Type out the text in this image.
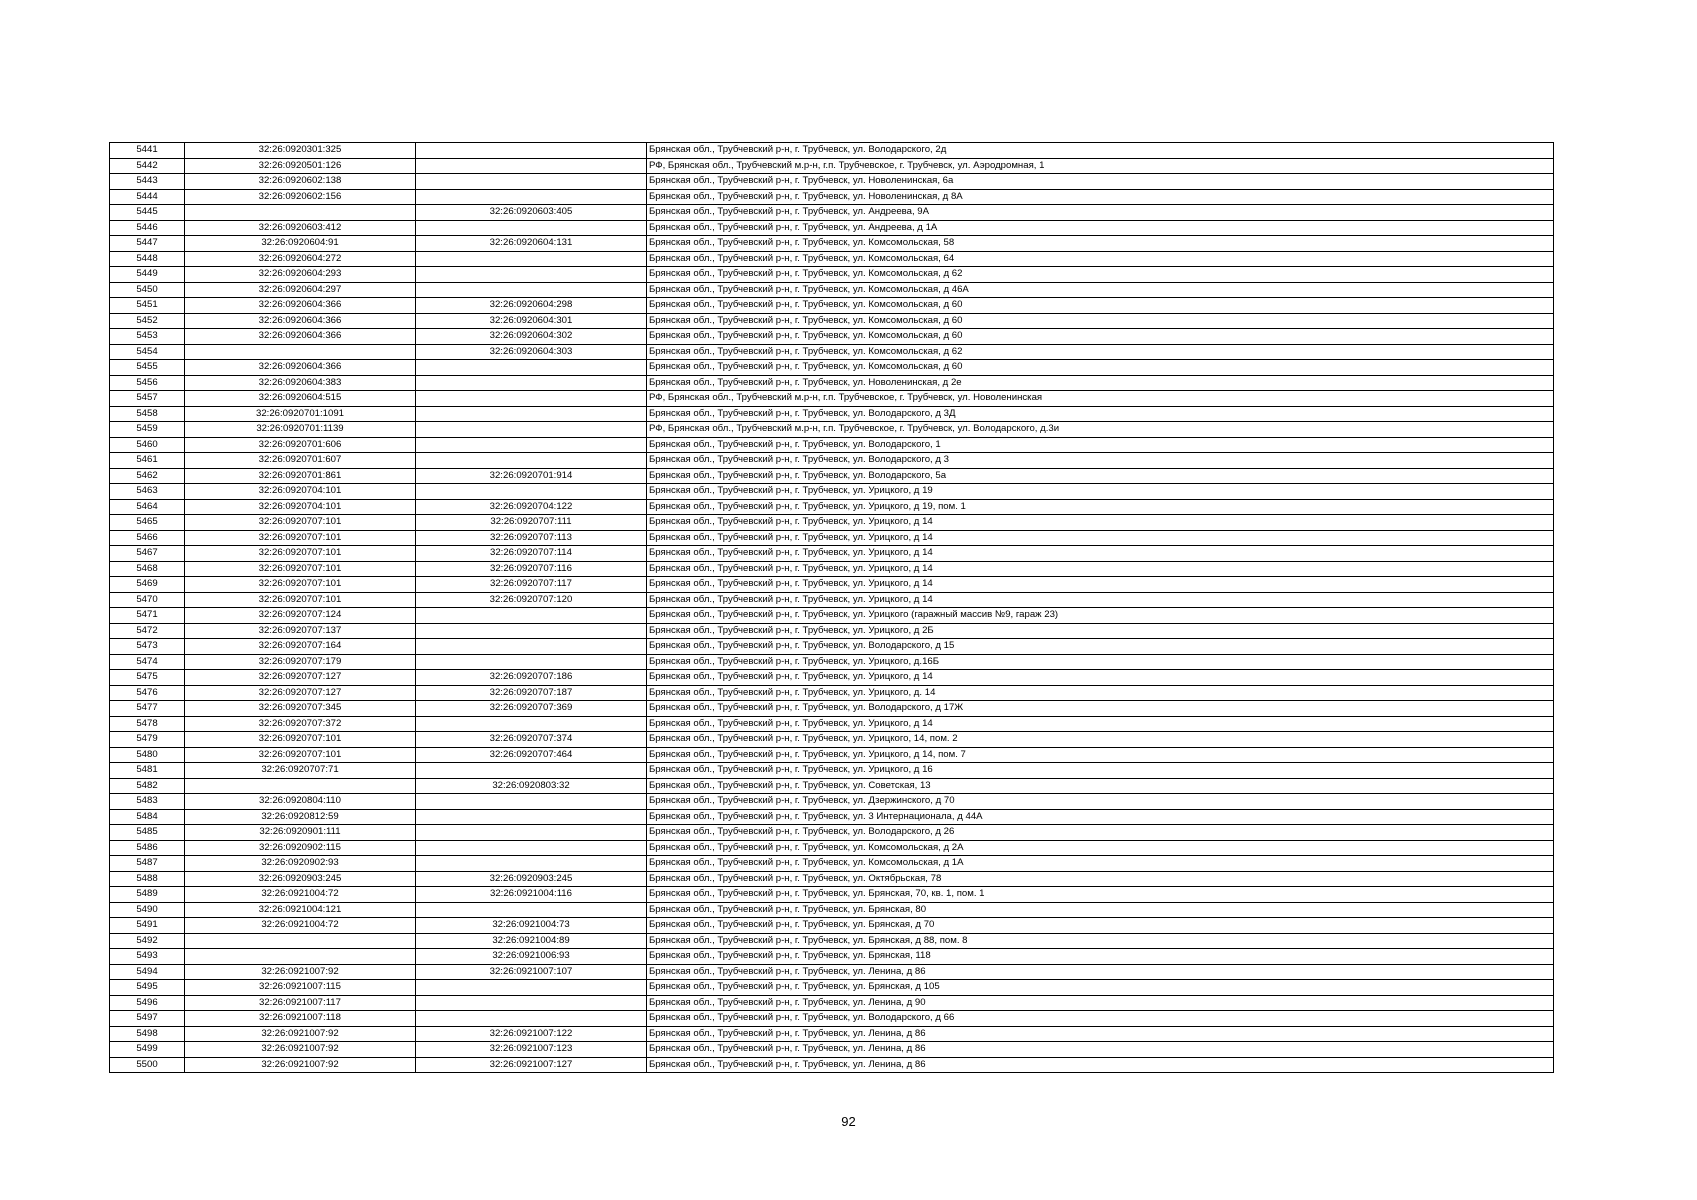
5441	32:26:0920301:325		Брянская обл., Трубчевский р-н, г. Трубчевск, ул. Володарского, 2д
5442	32:26:0920501:126		РФ, Брянская обл., Трубчевский м.р-н, г.п. Трубчевское, г. Трубчевск, ул. Аэродромная, 1
5443	32:26:0920602:138		Брянская обл., Трубчевский р-н, г. Трубчевск, ул. Новоленинская, 6а
5444	32:26:0920602:156		Брянская обл., Трубчевский р-н, г. Трубчевск, ул. Новоленинская, д 8А
5445		32:26:0920603:405	Брянская обл., Трубчевский р-н, г. Трубчевск, ул. Андреева, 9А
5446	32:26:0920603:412		Брянская обл., Трубчевский р-н, г. Трубчевск, ул. Андреева, д 1А
5447	32:26:0920604:91	32:26:0920604:131	Брянская обл., Трубчевский р-н, г. Трубчевск, ул. Комсомольская, 58
5448	32:26:0920604:272		Брянская обл., Трубчевский р-н, г. Трубчевск, ул. Комсомольская, 64
5449	32:26:0920604:293		Брянская обл., Трубчевский р-н, г. Трубчевск, ул. Комсомольская, д 62
5450	32:26:0920604:297		Брянская обл., Трубчевский р-н, г. Трубчевск, ул. Комсомольская, д 46А
5451	32:26:0920604:366	32:26:0920604:298	Брянская обл., Трубчевский р-н, г. Трубчевск, ул. Комсомольская, д 60
5452	32:26:0920604:366	32:26:0920604:301	Брянская обл., Трубчевский р-н, г. Трубчевск, ул. Комсомольская, д 60
5453	32:26:0920604:366	32:26:0920604:302	Брянская обл., Трубчевский р-н, г. Трубчевск, ул. Комсомольская, д 60
5454		32:26:0920604:303	Брянская обл., Трубчевский р-н, г. Трубчевск, ул. Комсомольская, д 62
5455	32:26:0920604:366		Брянская обл., Трубчевский р-н, г. Трубчевск, ул. Комсомольская, д 60
5456	32:26:0920604:383		Брянская обл., Трубчевский р-н, г. Трубчевск, ул. Новоленинская, д 2е
5457	32:26:0920604:515		РФ, Брянская обл., Трубчевский м.р-н, г.п. Трубчевское, г. Трубчевск, ул. Новоленинская
5458	32:26:0920701:1091		Брянская обл., Трубчевский р-н, г. Трубчевск, ул. Володарского, д 3Д
5459	32:26:0920701:1139		РФ, Брянская обл., Трубчевский м.р-н, г.п. Трубчевское, г. Трубчевск, ул. Володарского, д.3и
5460	32:26:0920701:606		Брянская обл., Трубчевский р-н, г. Трубчевск, ул. Володарского, 1
5461	32:26:0920701:607		Брянская обл., Трубчевский р-н, г. Трубчевск, ул. Володарского, д 3
5462	32:26:0920701:861	32:26:0920701:914	Брянская обл., Трубчевский р-н, г. Трубчевск, ул. Володарского, 5а
5463	32:26:0920704:101		Брянская обл., Трубчевский р-н, г. Трубчевск, ул. Урицкого, д 19
5464	32:26:0920704:101	32:26:0920704:122	Брянская обл., Трубчевский р-н, г. Трубчевск, ул. Урицкого, д 19, пом. 1
5465	32:26:0920707:101	32:26:0920707:111	Брянская обл., Трубчевский р-н, г. Трубчевск, ул. Урицкого, д 14
5466	32:26:0920707:101	32:26:0920707:113	Брянская обл., Трубчевский р-н, г. Трубчевск, ул. Урицкого, д 14
5467	32:26:0920707:101	32:26:0920707:114	Брянская обл., Трубчевский р-н, г. Трубчевск, ул. Урицкого, д 14
5468	32:26:0920707:101	32:26:0920707:116	Брянская обл., Трубчевский р-н, г. Трубчевск, ул. Урицкого, д 14
5469	32:26:0920707:101	32:26:0920707:117	Брянская обл., Трубчевский р-н, г. Трубчевск, ул. Урицкого, д 14
5470	32:26:0920707:101	32:26:0920707:120	Брянская обл., Трубчевский р-н, г. Трубчевск, ул. Урицкого, д 14
5471	32:26:0920707:124		Брянская обл., Трубчевский р-н, г. Трубчевск, ул. Урицкого (гаражный массив №9, гараж 23)
5472	32:26:0920707:137		Брянская обл., Трубчевский р-н, г. Трубчевск, ул. Урицкого, д 2Б
5473	32:26:0920707:164		Брянская обл., Трубчевский р-н, г. Трубчевск, ул. Володарского, д 15
5474	32:26:0920707:179		Брянская обл., Трубчевский р-н, г. Трубчевск, ул. Урицкого, д.16Б
5475	32:26:0920707:127	32:26:0920707:186	Брянская обл., Трубчевский р-н, г. Трубчевск, ул. Урицкого, д 14
5476	32:26:0920707:127	32:26:0920707:187	Брянская обл., Трубчевский р-н, г. Трубчевск, ул. Урицкого, д. 14
5477	32:26:0920707:345	32:26:0920707:369	Брянская обл., Трубчевский р-н, г. Трубчевск, ул. Володарского, д 17Ж
5478	32:26:0920707:372		Брянская обл., Трубчевский р-н, г. Трубчевск, ул. Урицкого, д 14
5479	32:26:0920707:101	32:26:0920707:374	Брянская обл., Трубчевский р-н, г. Трубчевск, ул. Урицкого, 14, пом. 2
5480	32:26:0920707:101	32:26:0920707:464	Брянская обл., Трубчевский р-н, г. Трубчевск, ул. Урицкого, д 14, пом. 7
5481	32:26:0920707:71		Брянская обл., Трубчевский р-н, г. Трубчевск, ул. Урицкого, д 16
5482		32:26:0920803:32	Брянская обл., Трубчевский р-н, г. Трубчевск, ул. Советская, 13
5483	32:26:0920804:110		Брянская обл., Трубчевский р-н, г. Трубчевск, ул. Дзержинского, д 70
5484	32:26:0920812:59		Брянская обл., Трубчевский р-н, г. Трубчевск, ул. 3 Интернационала, д 44А
5485	32:26:0920901:111		Брянская обл., Трубчевский р-н, г. Трубчевск, ул. Володарского, д 26
5486	32:26:0920902:115		Брянская обл., Трубчевский р-н, г. Трубчевск, ул. Комсомольская, д 2А
5487	32:26:0920902:93		Брянская обл., Трубчевский р-н, г. Трубчевск, ул. Комсомольская, д 1А
5488	32:26:0920903:245	32:26:0920903:245	Брянская обл., Трубчевский р-н, г. Трубчевск, ул. Октябрьская, 78
5489	32:26:0921004:72	32:26:0921004:116	Брянская обл., Трубчевский р-н, г. Трубчевск, ул. Брянская, 70, кв. 1, пом. 1
5490	32:26:0921004:121		Брянская обл., Трубчевский р-н, г. Трубчевск, ул. Брянская, 80
5491	32:26:0921004:72	32:26:0921004:73	Брянская обл., Трубчевский р-н, г. Трубчевск, ул. Брянская, д 70
5492		32:26:0921004:89	Брянская обл., Трубчевский р-н, г. Трубчевск, ул. Брянская, д 88, пом. 8
5493		32:26:0921006:93	Брянская обл., Трубчевский р-н, г. Трубчевск, ул. Брянская, 118
5494	32:26:0921007:92	32:26:0921007:107	Брянская обл., Трубчевский р-н, г. Трубчевск, ул. Ленина, д 86
5495	32:26:0921007:115		Брянская обл., Трубчевский р-н, г. Трубчевск, ул. Брянская, д 105
5496	32:26:0921007:117		Брянская обл., Трубчевский р-н, г. Трубчевск, ул. Ленина, д 90
5497	32:26:0921007:118		Брянская обл., Трубчевский р-н, г. Трубчевск, ул. Володарского, д 66
5498	32:26:0921007:92	32:26:0921007:122	Брянская обл., Трубчевский р-н, г. Трубчевск, ул. Ленина, д 86
5499	32:26:0921007:92	32:26:0921007:123	Брянская обл., Трубчевский р-н, г. Трубчевск, ул. Ленина, д 86
5500	32:26:0921007:92	32:26:0921007:127	Брянская обл., Трубчевский р-н, г. Трубчевск, ул. Ленина, д 86
92
